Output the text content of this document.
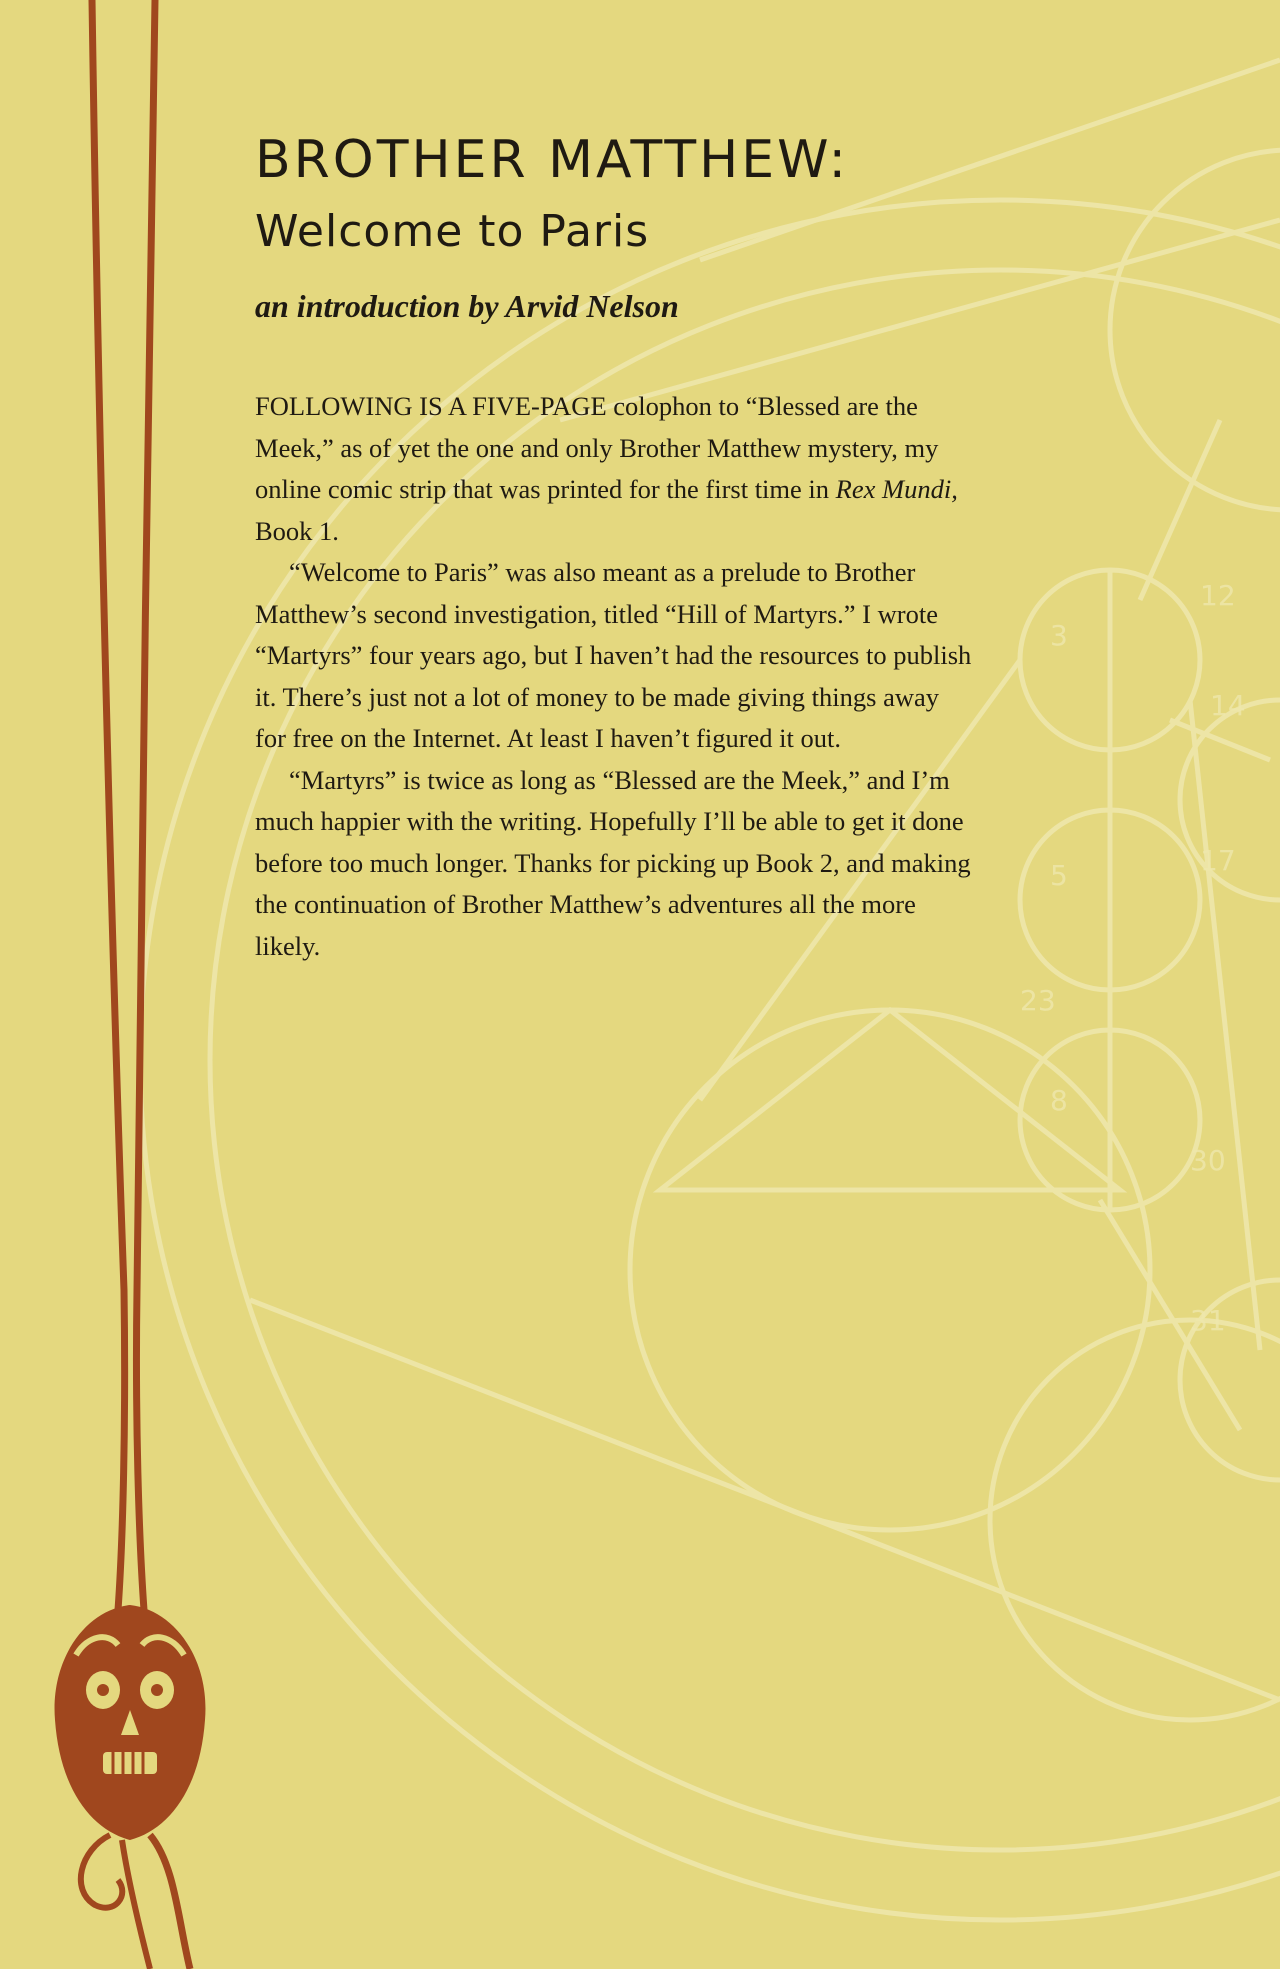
3
5
8
12
14
17
23
30
31
BROTHER MATTHEW:
Welcome to Paris

an introduction by Arvid Nelson

FOLLOWING IS A FIVE-PAGE colophon to “Blessed are the Meek,” as of yet the one and only Brother Matthew mystery, my online comic strip that was printed for the first time in Rex Mundi, Book 1.

“Welcome to Paris” was also meant as a prelude to Brother Matthew’s second investigation, titled “Hill of Martyrs.” I wrote “Martyrs” four years ago, but I haven’t had the resources to publish it. There’s just not a lot of money to be made giving things away for free on the Internet. At least I haven’t figured it out.

“Martyrs” is twice as long as “Blessed are the Meek,” and I’m much happier with the writing. Hopefully I’ll be able to get it done before too much longer. Thanks for picking up Book 2, and making the continuation of Brother Matthew’s adventures all the more likely.
